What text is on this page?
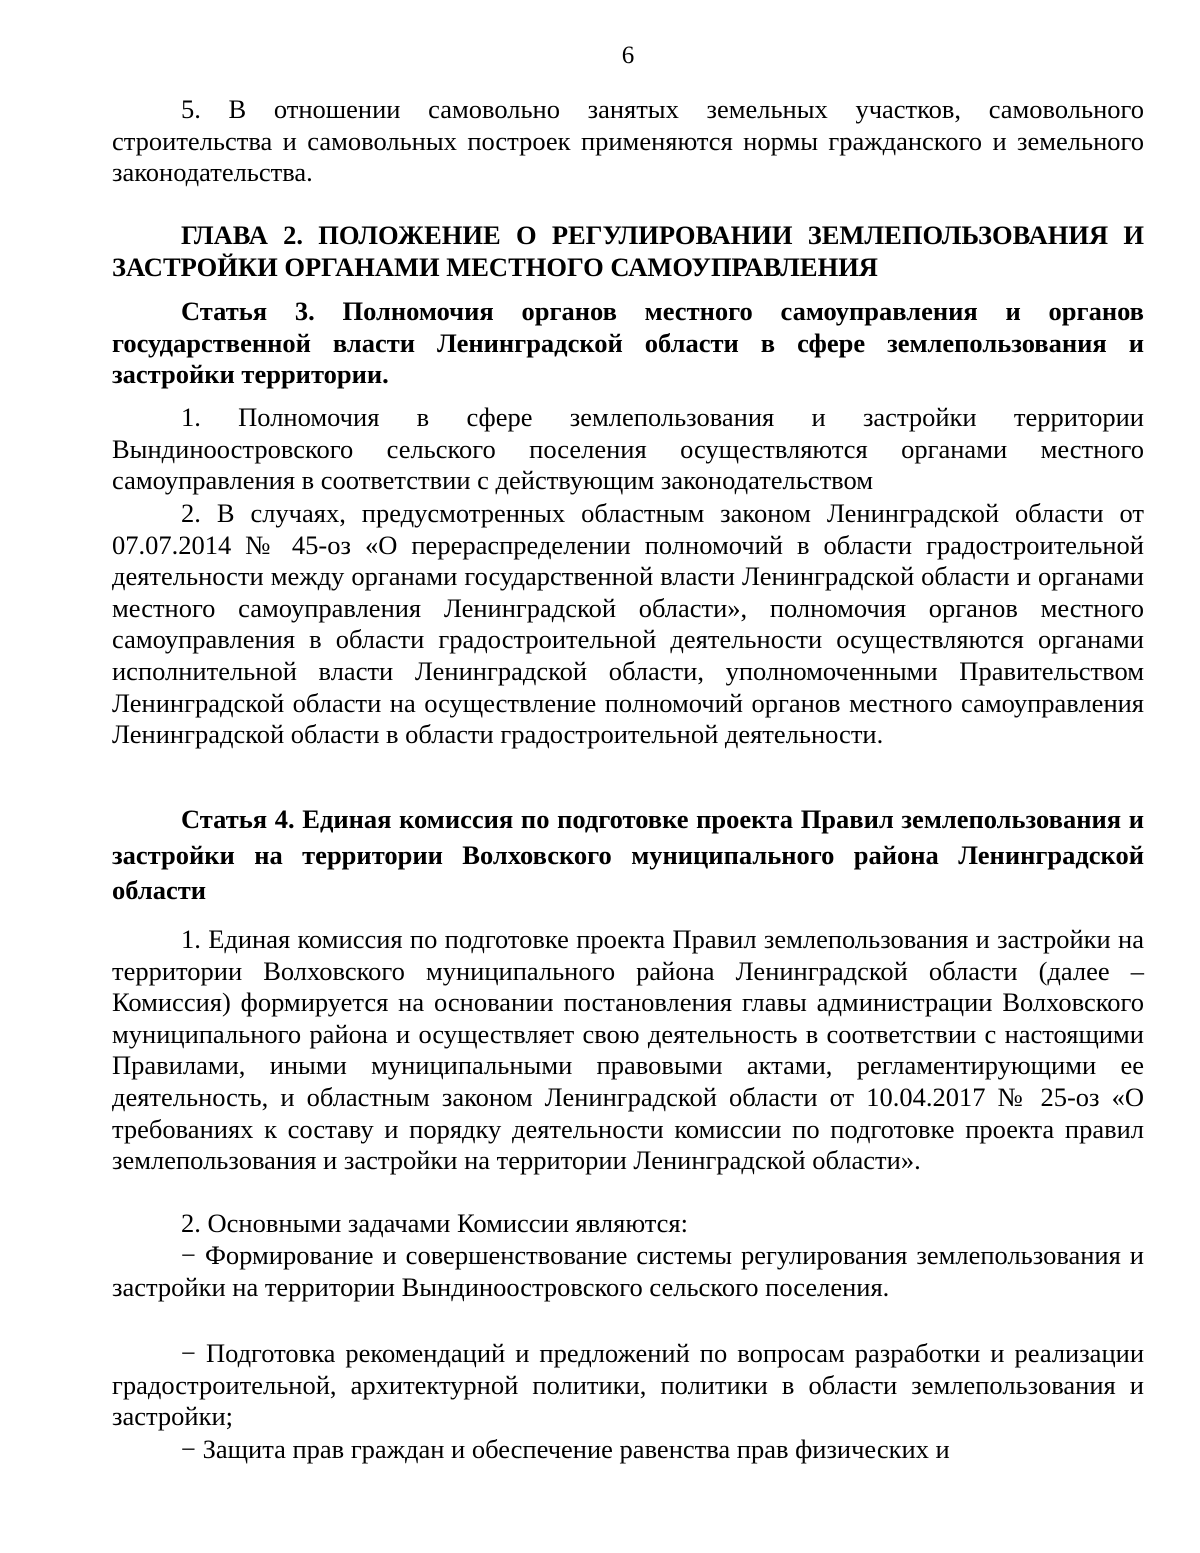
6

5. В отношении самовольно занятых земельных участков, самовольного строительства и самовольных построек применяются нормы гражданского и земельного законодательства.

ГЛАВА 2. ПОЛОЖЕНИЕ О РЕГУЛИРОВАНИИ ЗЕМЛЕПОЛЬЗОВАНИЯ И ЗАСТРОЙКИ ОРГАНАМИ МЕСТНОГО САМОУПРАВЛЕНИЯ

Статья 3. Полномочия органов местного самоуправления и органов государственной власти Ленинградской области в сфере землепользования и застройки территории.

1. Полномочия в сфере землепользования и застройки территории Вындиноостровского сельского поселения осуществляются органами местного самоуправления в соответствии с действующим законодательством

2. В случаях, предусмотренных областным законом Ленинградской области от 07.07.2014 № 45-оз «О перераспределении полномочий в области градостроительной деятельности между органами государственной власти Ленинградской области и органами местного самоуправления Ленинградской области», полномочия органов местного самоуправления в области градостроительной деятельности осуществляются органами исполнительной власти Ленинградской области, уполномоченными Правительством Ленинградской области на осуществление полномочий органов местного самоуправления Ленинградской области в области градостроительной деятельности.

Статья 4. Единая комиссия по подготовке проекта Правил землепользования и застройки на территории Волховского муниципального района Ленинградской области

1. Единая комиссия по подготовке проекта Правил землепользования и застройки на территории Волховского муниципального района Ленинградской области (далее – Комиссия) формируется на основании постановления главы администрации Волховского муниципального района и осуществляет свою деятельность в соответствии с настоящими Правилами, иными муниципальными правовыми актами, регламентирующими ее деятельность, и областным законом Ленинградской области от 10.04.2017 № 25-оз «О требованиях к составу и порядку деятельности комиссии по подготовке проекта правил землепользования и застройки на территории Ленинградской области».

2. Основными задачами Комиссии являются:

− Формирование и совершенствование системы регулирования землепользования и застройки на территории Вындиноостровского сельского поселения.

− Подготовка рекомендаций и предложений по вопросам разработки и реализации градостроительной, архитектурной политики, политики в области землепользования и застройки;

− Защита прав граждан и обеспечение равенства прав физических и
